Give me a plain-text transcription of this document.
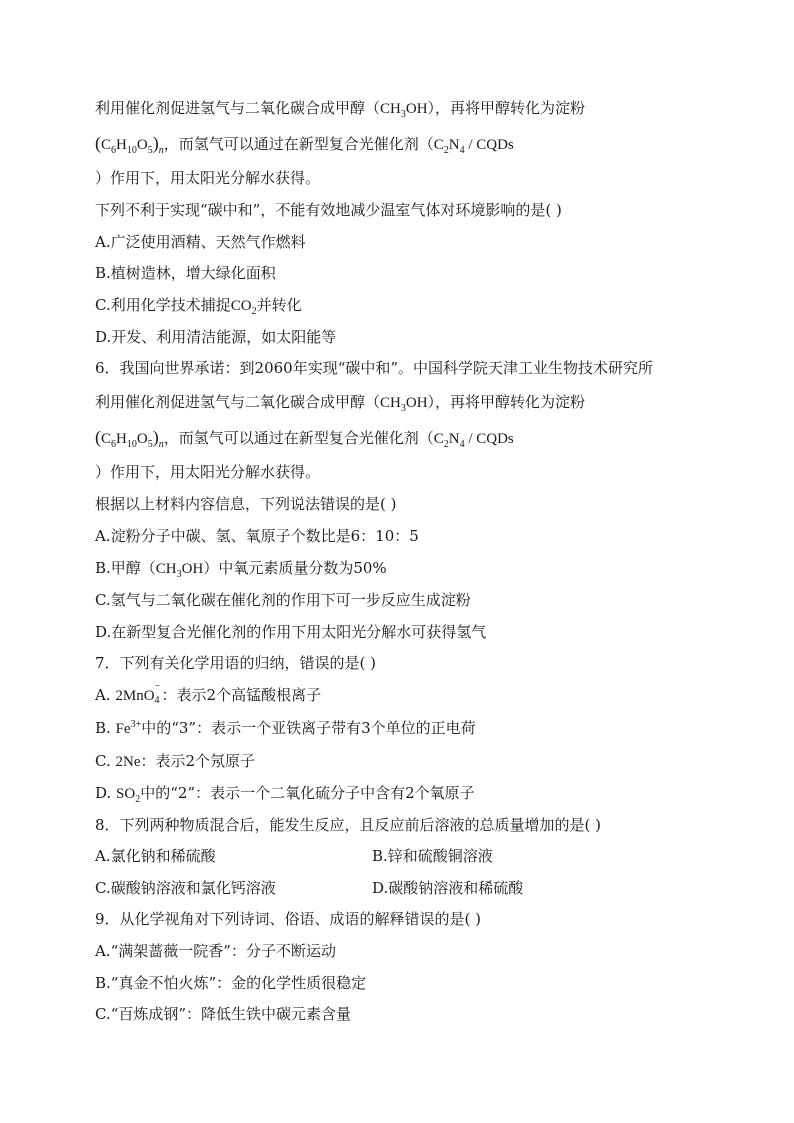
利用催化剂促进氢气与二氧化碳合成甲醇$(CH_3OH)$，再将甲醇转化为淀粉
$(C_6H_{10}O_5)_n$，而氢气可以通过在新型复合光催化剂（$C_2N_4$ / CQDs
）作用下，用太阳光分解水获得。
下列不利于实现“碳中和”，不能有效地减少温室气体对环境影响的是( )
A.广泛使用酒精、天然气作燃料
B.植树造林，增大绿化面积
C.利用化学技术捕捉$CO_2$并转化
D.开发、利用清洁能源，如太阳能等
6．我国向世界承诺：到2060年实现“碳中和”。中国科学院天津工业生物技术研究所
利用催化剂促进氢气与二氧化碳合成甲醇$(CH_3OH)$，再将甲醇转化为淀粉
$(C_6H_{10}O_5)_n$，而氢气可以通过在新型复合光催化剂（$C_2N_4$ / CQDs
）作用下，用太阳光分解水获得。
根据以上材料内容信息，下列说法错误的是( )
A.淀粉分子中碳、氢、氧原子个数比是6：10：5
B.甲醇$(CH_3OH)$中氧元素质量分数为50%
C.氢气与二氧化碳在催化剂的作用下可一步反应生成淀粉
D.在新型复合光催化剂的作用下用太阳光分解水可获得氢气
7．下列有关化学用语的归纳，错误的是( )
A. 2MnO
−
4 ：表示2个高锰酸根离子
B. $Fe^{3+}$中的“3”：表示一个亚铁离子带有3个单位的正电荷
C. 2Ne：表示2个氖原子
D. $SO_2$中的“2”：表示一个二氧化硫分子中含有2个氧原子
8．下列两种物质混合后，能发生反应，且反应前后溶液的总质量增加的是( )
A.氯化钠和稀硫酸	B.锌和硫酸铜溶液
C.碳酸钠溶液和氯化钙溶液	D.碳酸钠溶液和稀硫酸
9．从化学视角对下列诗词、俗语、成语的解释错误的是( )
A.“满架蔷薇一院香”：分子不断运动
B.“真金不怕火炼”：金的化学性质很稳定
C.“百炼成钢”：降低生铁中碳元素含量
